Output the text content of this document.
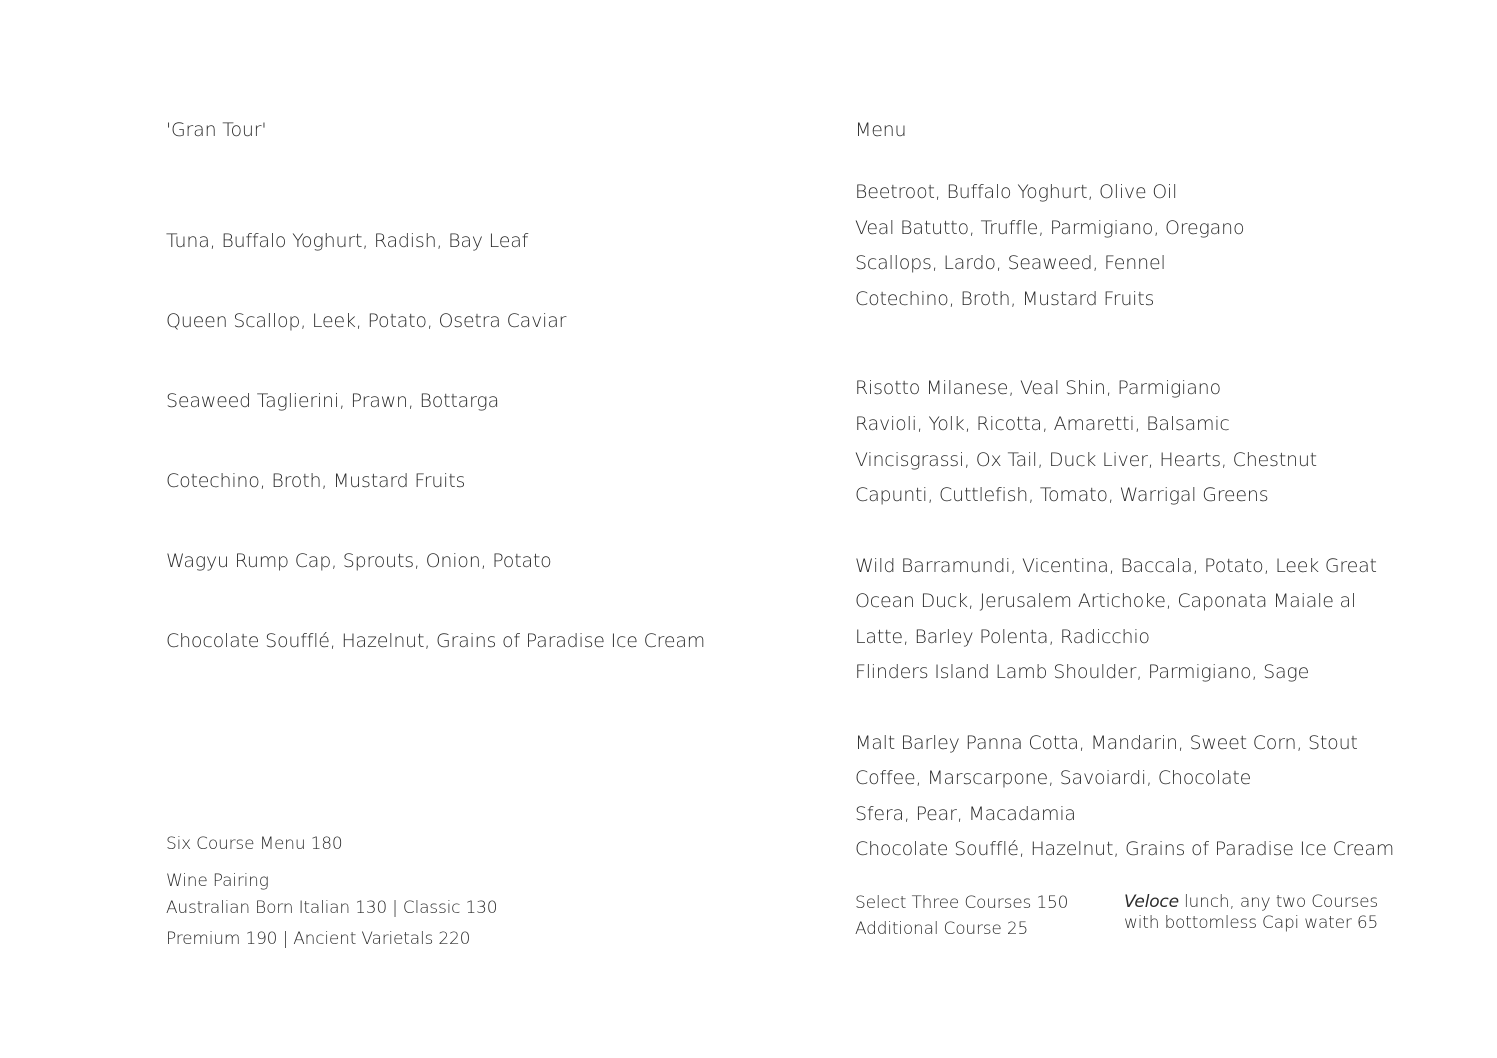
'Gran Tour'	Menu
Tuna, Buffalo Yoghurt, Radish, Bay Leaf
Queen Scallop, Leek, Potato, Osetra Caviar
Seaweed Taglierini, Prawn, Bottarga
Cotechino, Broth, Mustard Fruits
Wagyu Rump Cap, Sprouts, Onion, Potato
Chocolate Soufflé, Hazelnut, Grains of Paradise Ice Cream
Six Course Menu 180
Wine Pairing
Australian Born Italian 130 | Classic 130
Premium 190 | Ancient Varietals 220
Beetroot, Buffalo Yoghurt, Olive Oil
Veal Batutto, Truffle, Parmigiano, Oregano
Scallops, Lardo, Seaweed, Fennel
Cotechino, Broth, Mustard Fruits
Risotto Milanese, Veal Shin, Parmigiano
Ravioli, Yolk, Ricotta, Amaretti, Balsamic
Vincisgrassi, Ox Tail, Duck Liver, Hearts, Chestnut
Capunti, Cuttlefish, Tomato, Warrigal Greens
Wild Barramundi, Vicentina, Baccala, Potato, Leek Great
Ocean Duck, Jerusalem Artichoke, Caponata Maiale al
Latte, Barley Polenta, Radicchio
Flinders Island Lamb Shoulder, Parmigiano, Sage
Malt Barley Panna Cotta, Mandarin, Sweet Corn, Stout
Coffee, Marscarpone, Savoiardi, Chocolate
Sfera, Pear, Macadamia
Chocolate Soufflé, Hazelnut, Grains of Paradise Ice Cream
Select Three Courses 150
Additional Course 25
Veloce lunch, any two Courses
with bottomless Capi water 65
